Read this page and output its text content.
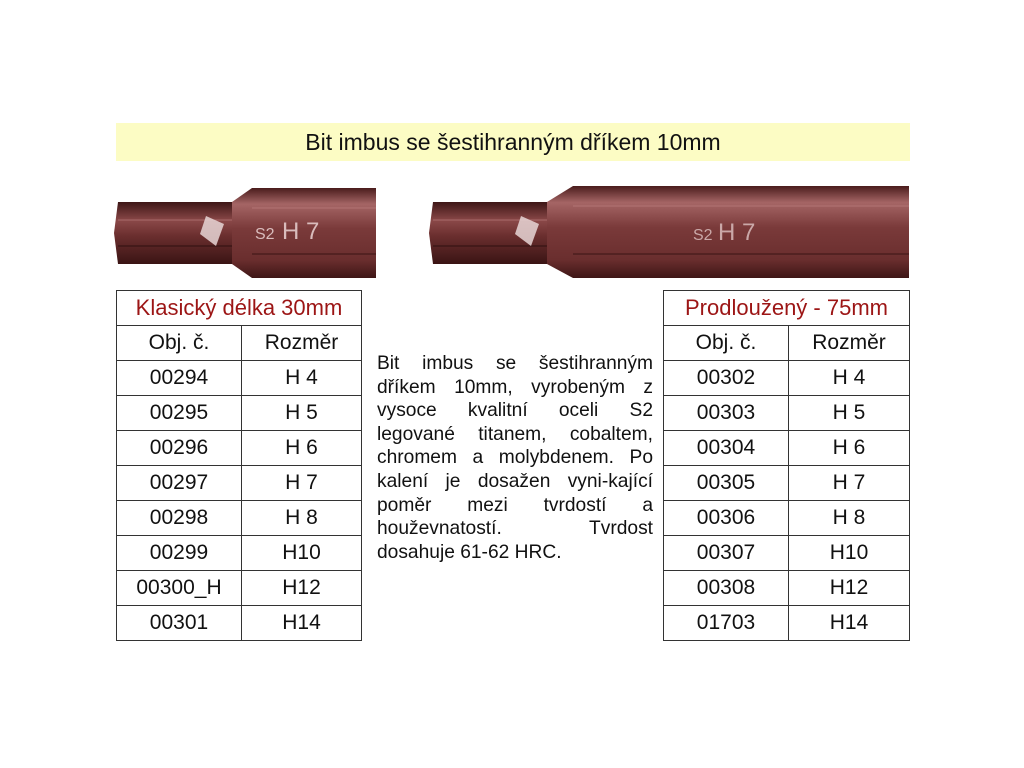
Bit imbus se šestihranným dříkem 10mm
S2 H 7	S2 H 7
Klasický délka 30mm	
Obj. č.	Rozměr
00294	H 4
00295	H 5
00296	H 6
00297	H 7
00298	H 8
00299	H10
00300_H	H12
00301	H14
Bit imbus se šestihranným dříkem 10mm, vyrobeným z vysoce kvalitní oceli S2 legované titanem, cobaltem, chromem a molybdenem. Po kalení je dosažen vyni-kající poměr mezi tvrdostí a houževnatostí. Tvrdost dosahuje 61-62 HRC.
Prodloužený - 75mm	
Obj. č.	Rozměr
00302	H 4
00303	H 5
00304	H 6
00305	H 7
00306	H 8
00307	H10
00308	H12
01703	H14
